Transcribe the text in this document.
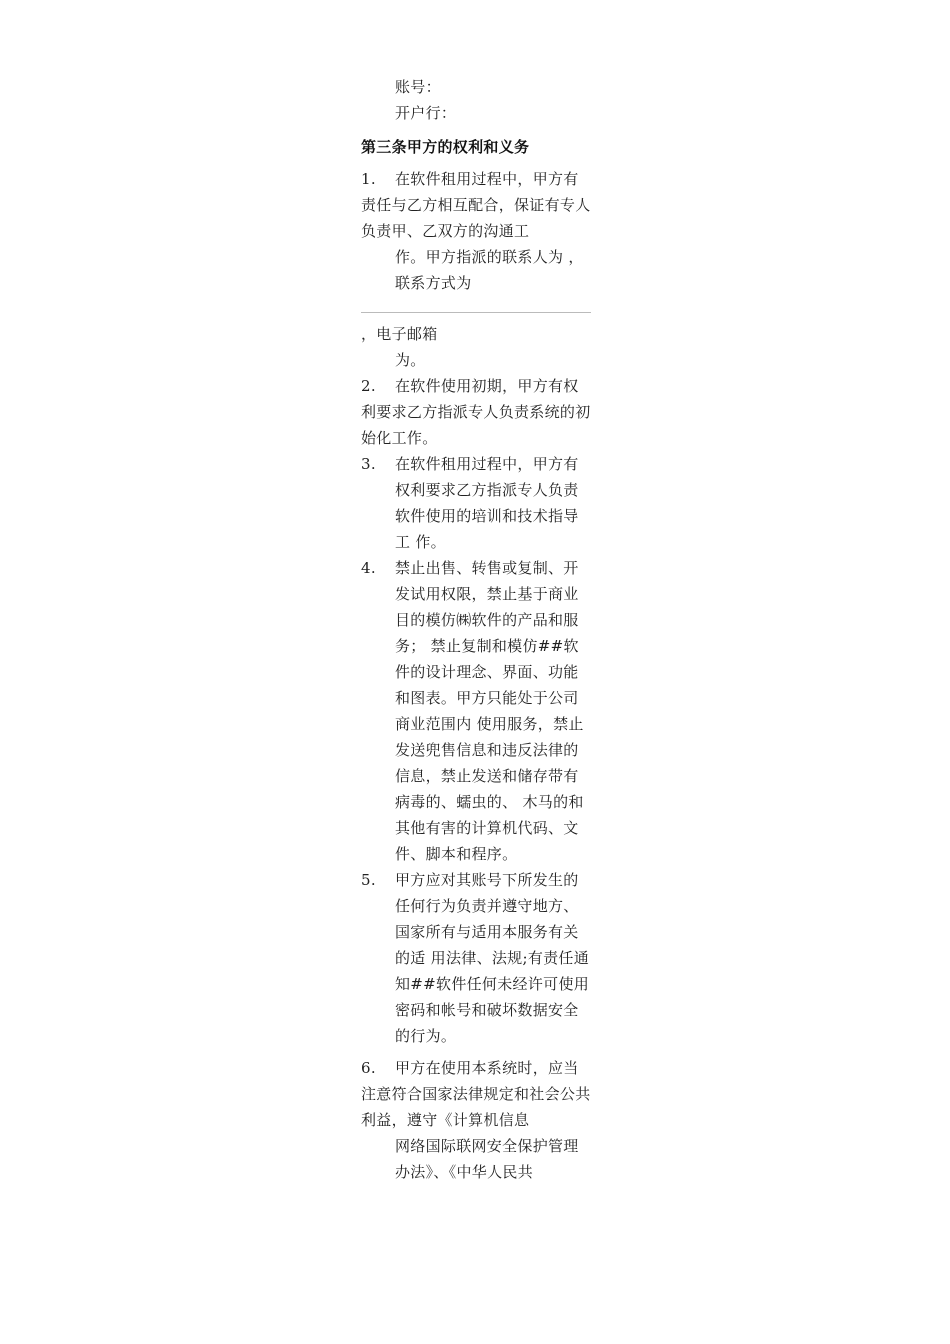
账号：

开户行：

第三条甲方的权利和义务

1. 在软件租用过程中，甲方有责任与乙方相互配合，保证有专人负责甲、乙双方的沟通工

作。甲方指派的联系人为 ，联系方式为

，电子邮箱

为。

2. 在软件使用初期，甲方有权利要求乙方指派专人负责系统的初始化工作。

3. 在软件租用过程中，甲方有权利要求乙方指派专人负责软件使用的培训和技术指导工 作。

4. 禁止出售、转售或复制、开发试用权限，禁止基于商业目的模仿㈱软件的产品和服务； 禁止复制和模仿##软件的设计理念、界面、功能和图表。甲方只能处于公司商业范围内 使用服务，禁止发送兜售信息和违反法律的信息，禁止发送和储存带有病毒的、蠕虫的、 木马的和其他有害的计算机代码、文件、脚本和程序。

5. 甲方应对其账号下所发生的任何行为负责并遵守地方、国家所有与适用本服务有关的适 用法律、法规;有责任通知##软件任何未经许可使用密码和帐号和破坏数据安全的行为。

6. 甲方在使用本系统时，应当注意符合国家法律规定和社会公共利益，遵守《计算机信息

网络国际联网安全保护管理办法》、《中华人民共
